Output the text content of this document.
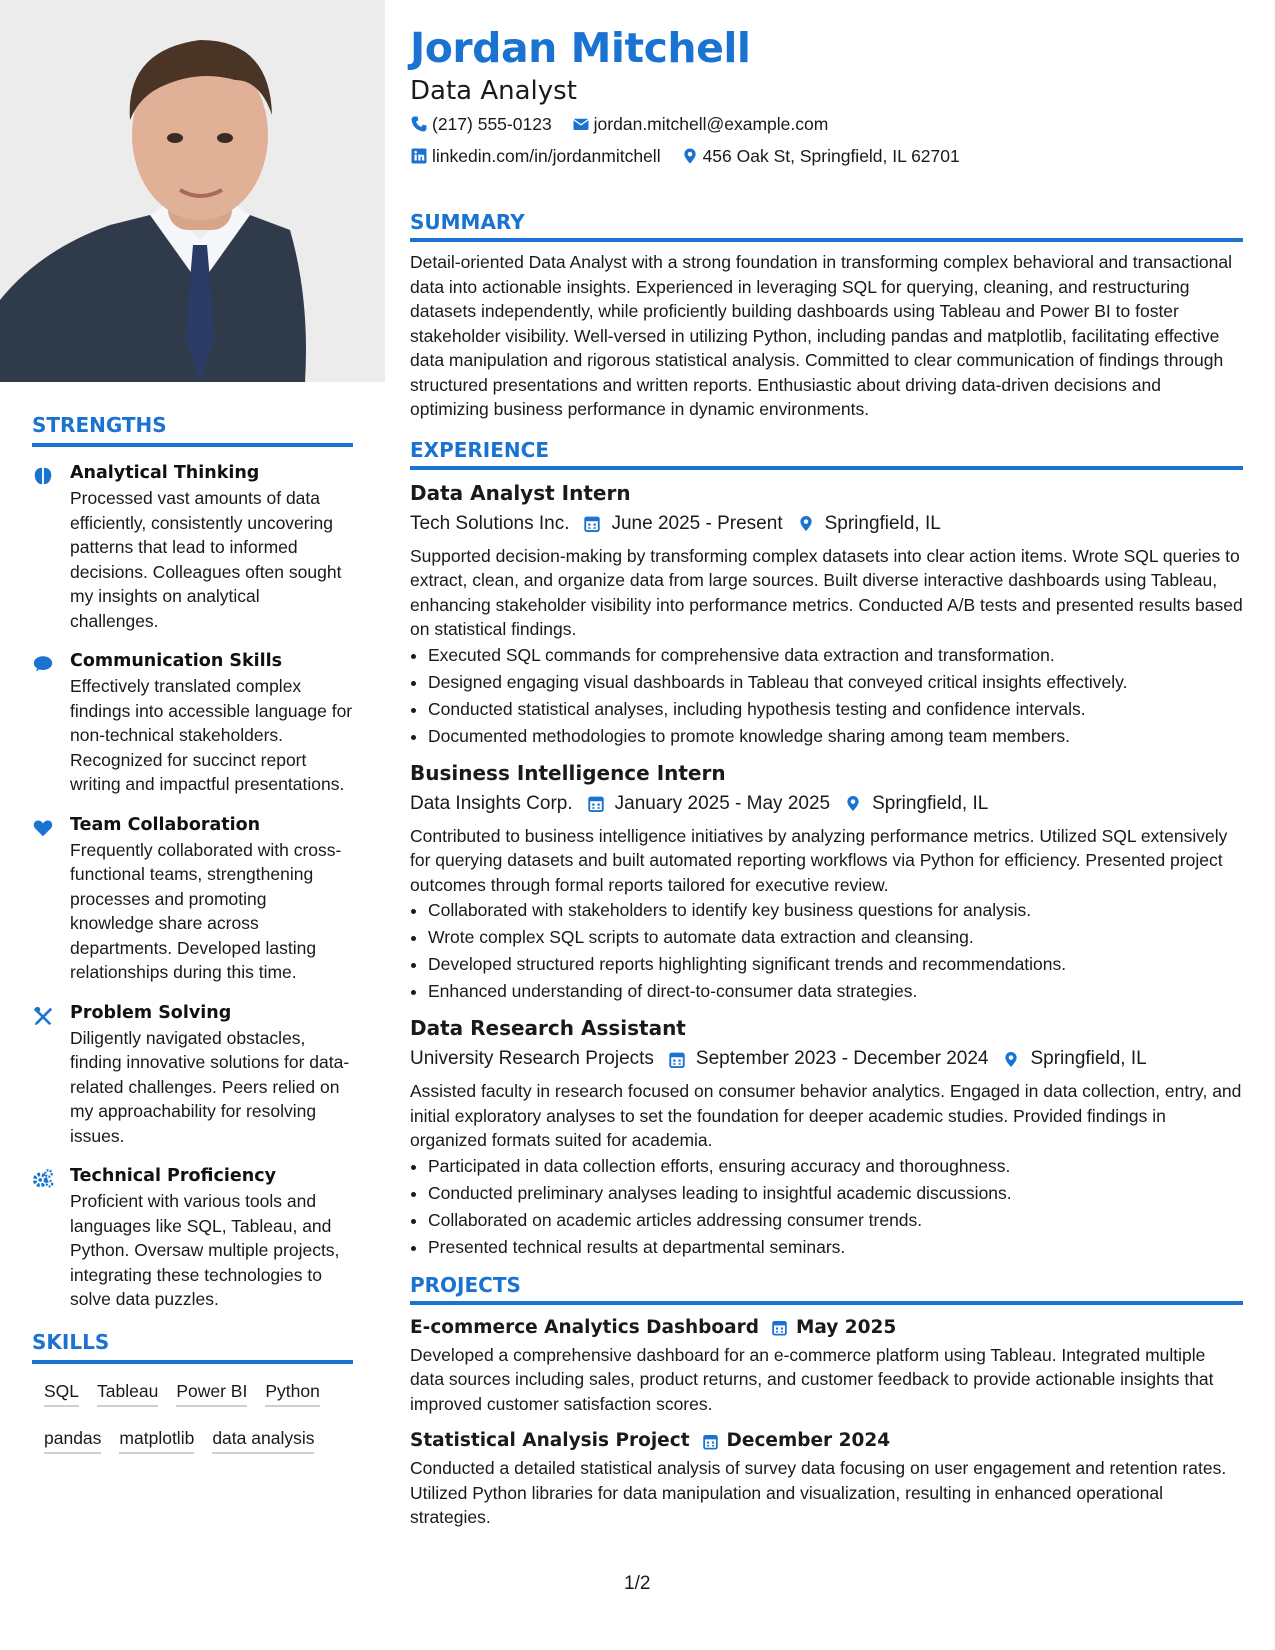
STRENGTHS
Analytical Thinking
Processed vast amounts of data efficiently, consistently uncovering patterns that lead to informed decisions. Colleagues often sought my insights on analytical challenges.
Communication Skills
Effectively translated complex findings into accessible language for non-technical stakeholders. Recognized for succinct report writing and impactful presentations.
Team Collaboration
Frequently collaborated with cross-functional teams, strengthening processes and promoting knowledge share across departments. Developed lasting relationships during this time.
Problem Solving
Diligently navigated obstacles, finding innovative solutions for data-related challenges. Peers relied on my approachability for resolving issues.
Technical Proficiency
Proficient with various tools and languages like SQL, Tableau, and Python. Oversaw multiple projects, integrating these technologies to solve data puzzles.
SKILLS
SQL Tableau Power BI Python
pandas matplotlib data analysis
Jordan Mitchell
Data Analyst
(217) 555-0123 jordan.mitchell@example.com
linkedin.com/in/jordanmitchell 456 Oak St, Springfield, IL 62701
SUMMARY
Detail-oriented Data Analyst with a strong foundation in transforming complex behavioral and transactional data into actionable insights. Experienced in leveraging SQL for querying, cleaning, and restructuring datasets independently, while proficiently building dashboards using Tableau and Power BI to foster stakeholder visibility. Well-versed in utilizing Python, including pandas and matplotlib, facilitating effective data manipulation and rigorous statistical analysis. Committed to clear communication of findings through structured presentations and written reports. Enthusiastic about driving data-driven decisions and optimizing business performance in dynamic environments.
EXPERIENCE
Data Analyst Intern
Tech Solutions Inc. June 2025 - Present Springfield, IL
Supported decision-making by transforming complex datasets into clear action items. Wrote SQL queries to extract, clean, and organize data from large sources. Built diverse interactive dashboards using Tableau, enhancing stakeholder visibility into performance metrics. Conducted A/B tests and presented results based on statistical findings.
• Executed SQL commands for comprehensive data extraction and transformation.
• Designed engaging visual dashboards in Tableau that conveyed critical insights effectively.
• Conducted statistical analyses, including hypothesis testing and confidence intervals.
• Documented methodologies to promote knowledge sharing among team members.
Business Intelligence Intern
Data Insights Corp. January 2025 - May 2025 Springfield, IL
Contributed to business intelligence initiatives by analyzing performance metrics. Utilized SQL extensively for querying datasets and built automated reporting workflows via Python for efficiency. Presented project outcomes through formal reports tailored for executive review.
• Collaborated with stakeholders to identify key business questions for analysis.
• Wrote complex SQL scripts to automate data extraction and cleansing.
• Developed structured reports highlighting significant trends and recommendations.
• Enhanced understanding of direct-to-consumer data strategies.
Data Research Assistant
University Research Projects September 2023 - December 2024 Springfield, IL
Assisted faculty in research focused on consumer behavior analytics. Engaged in data collection, entry, and initial exploratory analyses to set the foundation for deeper academic studies. Provided findings in organized formats suited for academia.
• Participated in data collection efforts, ensuring accuracy and thoroughness.
• Conducted preliminary analyses leading to insightful academic discussions.
• Collaborated on academic articles addressing consumer trends.
• Presented technical results at departmental seminars.
PROJECTS
E-commerce Analytics Dashboard May 2025
Developed a comprehensive dashboard for an e-commerce platform using Tableau. Integrated multiple data sources including sales, product returns, and customer feedback to provide actionable insights that improved customer satisfaction scores.
Statistical Analysis Project December 2024
Conducted a detailed statistical analysis of survey data focusing on user engagement and retention rates. Utilized Python libraries for data manipulation and visualization, resulting in enhanced operational strategies.
1/2
